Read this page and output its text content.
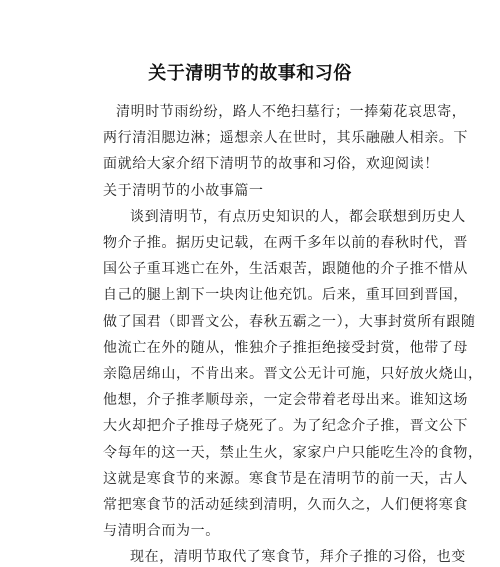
关于清明节的故事和习俗
清明时节雨纷纷，路人不绝扫墓行；一捧菊花哀思寄，
两行清泪腮边淋；遥想亲人在世时，其乐融融人相亲。下
面就给大家介绍下清明节的故事和习俗，欢迎阅读！
关于清明节的小故事篇一
谈到清明节，有点历史知识的人，都会联想到历史人
物介子推。据历史记载，在两千多年以前的春秋时代，晋
国公子重耳逃亡在外，生活艰苦，跟随他的介子推不惜从
自己的腿上割下一块肉让他充饥。后来，重耳回到晋国，
做了国君（即晋文公，春秋五霸之一），大事封赏所有跟随
他流亡在外的随从，惟独介子推拒绝接受封赏，他带了母
亲隐居绵山，不肯出来。晋文公无计可施，只好放火烧山，
他想，介子推孝顺母亲，一定会带着老母出来。谁知这场
大火却把介子推母子烧死了。为了纪念介子推，晋文公下
令每年的这一天，禁止生火，家家户户只能吃生冷的食物，
这就是寒食节的来源。寒食节是在清明节的前一天，古人
常把寒食节的活动延续到清明，久而久之，人们便将寒食
与清明合而为一。
现在，清明节取代了寒食节，拜介子推的习俗，也变
